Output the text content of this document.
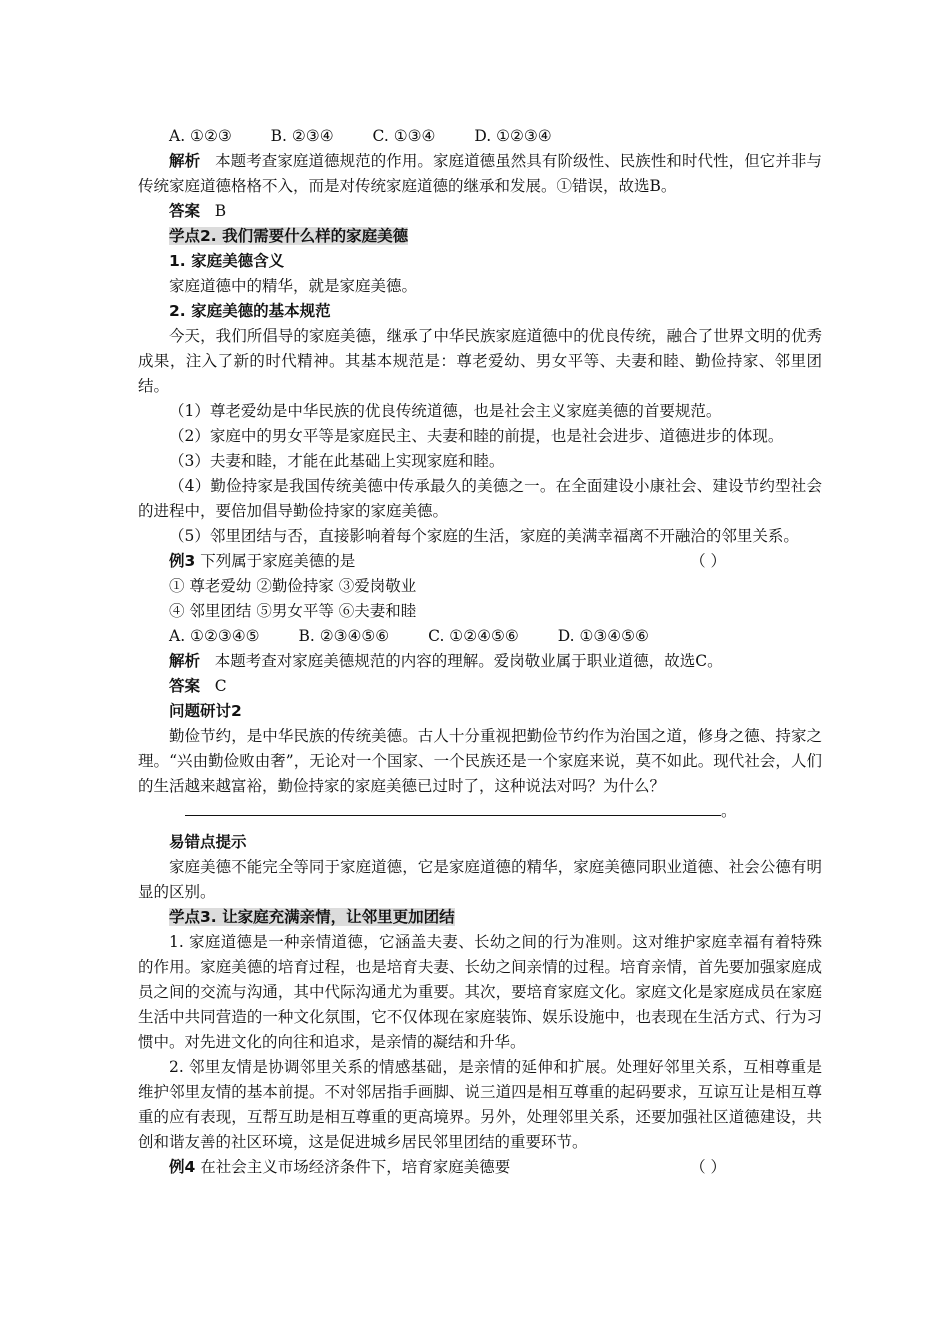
A. ①②③	B. ②③④	C. ①③④	D. ①②③④
解析 本题考查家庭道德规范的作用。家庭道德虽然具有阶级性、民族性和时代性，但它并非与传统家庭道德格格不入，而是对传统家庭道德的继承和发展。①错误，故选B。
答案 B
学点2. 我们需要什么样的家庭美德
1. 家庭美德含义
家庭道德中的精华，就是家庭美德。
2. 家庭美德的基本规范
今天，我们所倡导的家庭美德，继承了中华民族家庭道德中的优良传统，融合了世界文明的优秀成果，注入了新的时代精神。其基本规范是：尊老爱幼、男女平等、夫妻和睦、勤俭持家、邻里团结。
（1）尊老爱幼是中华民族的优良传统道德，也是社会主义家庭美德的首要规范。
（2）家庭中的男女平等是家庭民主、夫妻和睦的前提，也是社会进步、道德进步的体现。
（3）夫妻和睦，才能在此基础上实现家庭和睦。
（4）勤俭持家是我国传统美德中传承最久的美德之一。在全面建设小康社会、建设节约型社会的进程中，要倍加倡导勤俭持家的家庭美德。
（5）邻里团结与否，直接影响着每个家庭的生活，家庭的美满幸福离不开融洽的邻里关系。
例3 下列属于家庭美德的是	（ ）
① 尊老爱幼 ②勤俭持家 ③爱岗敬业
④ 邻里团结 ⑤男女平等 ⑥夫妻和睦
A. ①②③④⑤	B. ②③④⑤⑥	C. ①②④⑤⑥	D. ①③④⑤⑥
解析 本题考查对家庭美德规范的内容的理解。爱岗敬业属于职业道德，故选C。
答案 C
问题研讨2
勤俭节约，是中华民族的传统美德。古人十分重视把勤俭节约作为治国之道，修身之德、持家之理。“兴由勤俭败由奢”，无论对一个国家、一个民族还是一个家庭来说，莫不如此。现代社会，人们的生活越来越富裕，勤俭持家的家庭美德已过时了，这种说法对吗？为什么？
。
易错点提示
家庭美德不能完全等同于家庭道德，它是家庭道德的精华，家庭美德同职业道德、社会公德有明显的区别。
学点3. 让家庭充满亲情，让邻里更加团结
1. 家庭道德是一种亲情道德，它涵盖夫妻、长幼之间的行为准则。这对维护家庭幸福有着特殊的作用。家庭美德的培育过程，也是培育夫妻、长幼之间亲情的过程。培育亲情，首先要加强家庭成员之间的交流与沟通，其中代际沟通尤为重要。其次，要培育家庭文化。家庭文化是家庭成员在家庭生活中共同营造的一种文化氛围，它不仅体现在家庭装饰、娱乐设施中，也表现在生活方式、行为习惯中。对先进文化的向往和追求，是亲情的凝结和升华。
2. 邻里友情是协调邻里关系的情感基础，是亲情的延伸和扩展。处理好邻里关系，互相尊重是维护邻里友情的基本前提。不对邻居指手画脚、说三道四是相互尊重的起码要求，互谅互让是相互尊重的应有表现，互帮互助是相互尊重的更高境界。另外，处理邻里关系，还要加强社区道德建设，共创和谐友善的社区环境，这是促进城乡居民邻里团结的重要环节。
例4 在社会主义市场经济条件下，培育家庭美德要	（ ）
